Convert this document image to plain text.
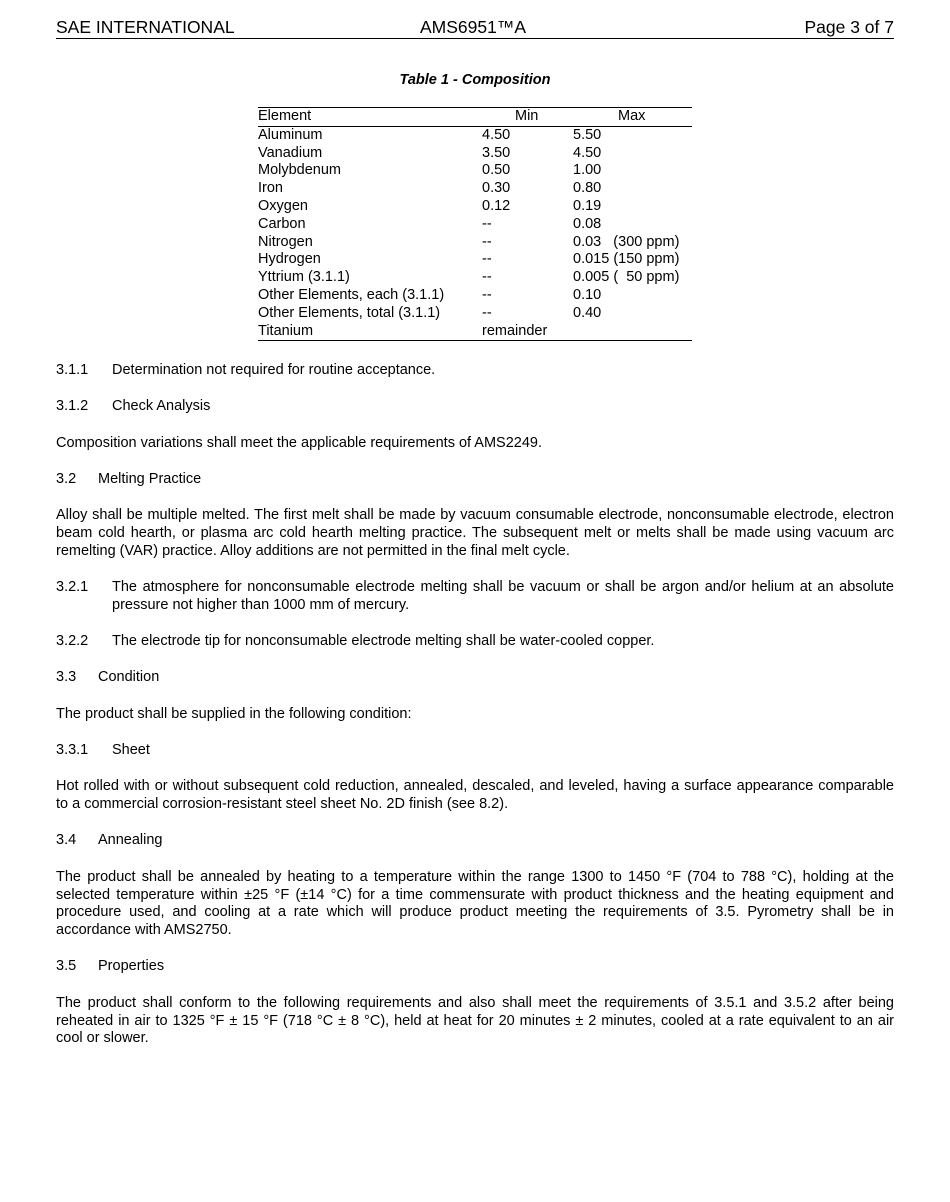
SAE INTERNATIONAL	AMS6951™A	Page 3 of 7
Table 1 - Composition
Element	Min	Max
Aluminum	4.50	5.50
Vanadium	3.50	4.50
Molybdenum	0.50	1.00
Iron	0.30	0.80
Oxygen	0.12	0.19
Carbon	--	0.08
Nitrogen	--	0.03   (300 ppm)
Hydrogen	--	0.015 (150 ppm)
Yttrium (3.1.1)	--	0.005 (  50 ppm)
Other Elements, each (3.1.1)	--	0.10
Other Elements, total (3.1.1)	--	0.40
Titanium	remainder	
3.1.1 Determination not required for routine acceptance.
3.1.2 Check Analysis
Composition variations shall meet the applicable requirements of AMS2249.
3.2 Melting Practice
Alloy shall be multiple melted. The first melt shall be made by vacuum consumable electrode, nonconsumable electrode, electron beam cold hearth, or plasma arc cold hearth melting practice. The subsequent melt or melts shall be made using vacuum arc remelting (VAR) practice. Alloy additions are not permitted in the final melt cycle.
3.2.1	The atmosphere for nonconsumable electrode melting shall be vacuum or shall be argon and/or helium at an absolute pressure not higher than 1000 mm of mercury.
3.2.2	The electrode tip for nonconsumable electrode melting shall be water-cooled copper.
3.3 Condition
The product shall be supplied in the following condition:
3.3.1 Sheet
Hot rolled with or without subsequent cold reduction, annealed, descaled, and leveled, having a surface appearance comparable to a commercial corrosion-resistant steel sheet No. 2D finish (see 8.2).
3.4 Annealing
The product shall be annealed by heating to a temperature within the range 1300 to 1450 °F (704 to 788 °C), holding at the selected temperature within ±25 °F (±14 °C) for a time commensurate with product thickness and the heating equipment and procedure used, and cooling at a rate which will produce product meeting the requirements of 3.5. Pyrometry shall be in accordance with AMS2750.
3.5 Properties
The product shall conform to the following requirements and also shall meet the requirements of 3.5.1 and 3.5.2 after being reheated in air to 1325 °F ± 15 °F (718 °C ± 8 °C), held at heat for 20 minutes ± 2 minutes, cooled at a rate equivalent to an air cool or slower.
